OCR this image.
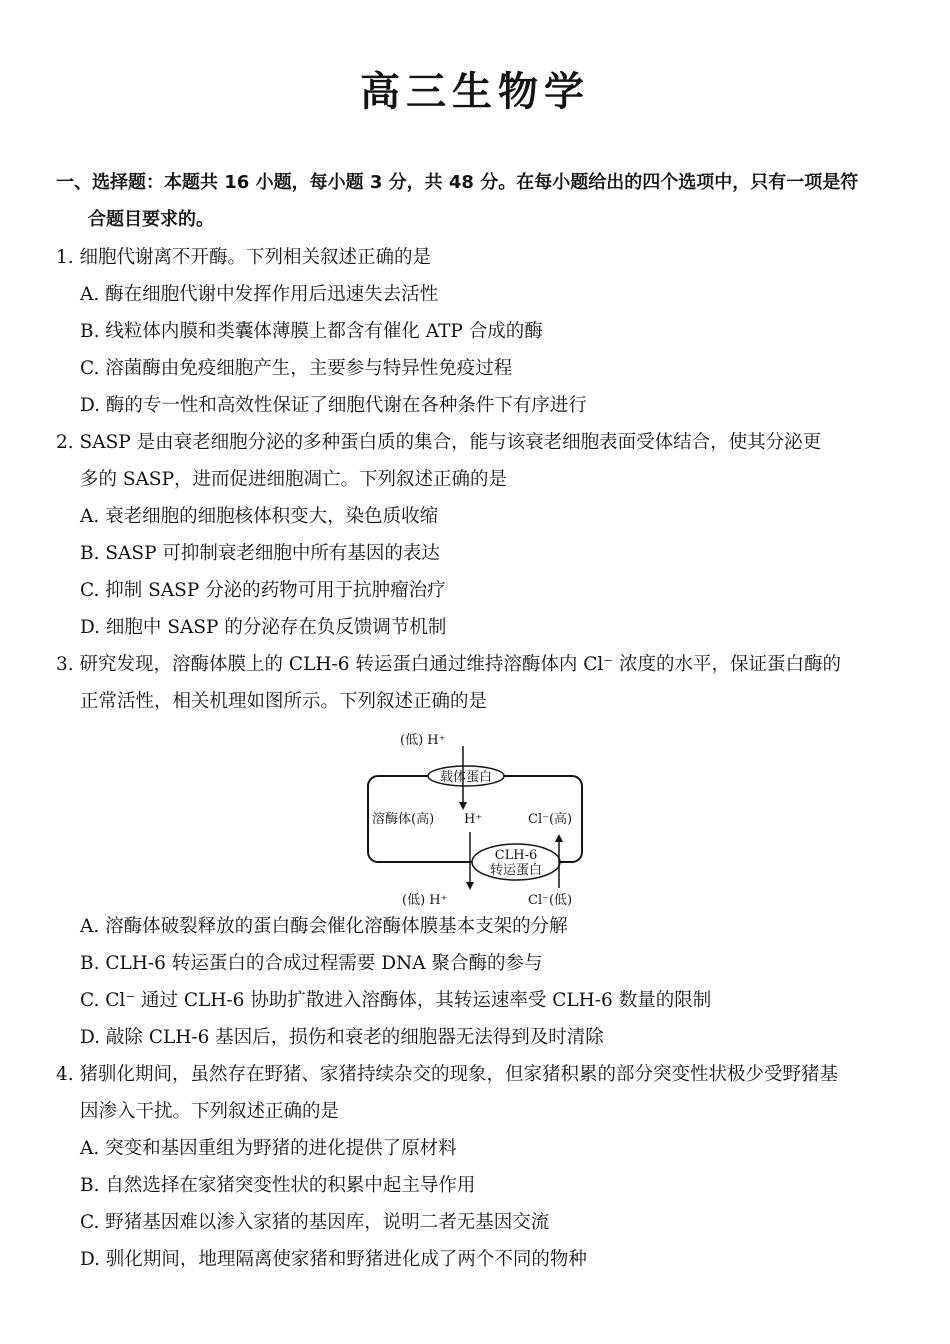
高三生物学
一、选择题：本题共 16 小题，每小题 3 分，共 48 分。在每小题给出的四个选项中，只有一项是符
合题目要求的。
1. 细胞代谢离不开酶。下列相关叙述正确的是
A. 酶在细胞代谢中发挥作用后迅速失去活性
B. 线粒体内膜和类囊体薄膜上都含有催化 ATP 合成的酶
C. 溶菌酶由免疫细胞产生，主要参与特异性免疫过程
D. 酶的专一性和高效性保证了细胞代谢在各种条件下有序进行
2. SASP 是由衰老细胞分泌的多种蛋白质的集合，能与该衰老细胞表面受体结合，使其分泌更
多的 SASP，进而促进细胞凋亡。下列叙述正确的是
A. 衰老细胞的细胞核体积变大，染色质收缩
B. SASP 可抑制衰老细胞中所有基因的表达
C. 抑制 SASP 分泌的药物可用于抗肿瘤治疗
D. 细胞中 SASP 的分泌存在负反馈调节机制
3. 研究发现，溶酶体膜上的 CLH-6 转运蛋白通过维持溶酶体内 Cl⁻ 浓度的水平，保证蛋白酶的
正常活性，相关机理如图所示。下列叙述正确的是
(低) H⁺
载体蛋白
溶酶体(高) H⁺	Cl⁻(高)
CLH-6
转运蛋白
(低) H⁺	Cl⁻(低)
A. 溶酶体破裂释放的蛋白酶会催化溶酶体膜基本支架的分解
B. CLH-6 转运蛋白的合成过程需要 DNA 聚合酶的参与
C. Cl⁻ 通过 CLH-6 协助扩散进入溶酶体，其转运速率受 CLH-6 数量的限制
D. 敲除 CLH-6 基因后，损伤和衰老的细胞器无法得到及时清除
4. 猪驯化期间，虽然存在野猪、家猪持续杂交的现象，但家猪积累的部分突变性状极少受野猪基
因渗入干扰。下列叙述正确的是
A. 突变和基因重组为野猪的进化提供了原材料
B. 自然选择在家猪突变性状的积累中起主导作用
C. 野猪基因难以渗入家猪的基因库，说明二者无基因交流
D. 驯化期间，地理隔离使家猪和野猪进化成了两个不同的物种
